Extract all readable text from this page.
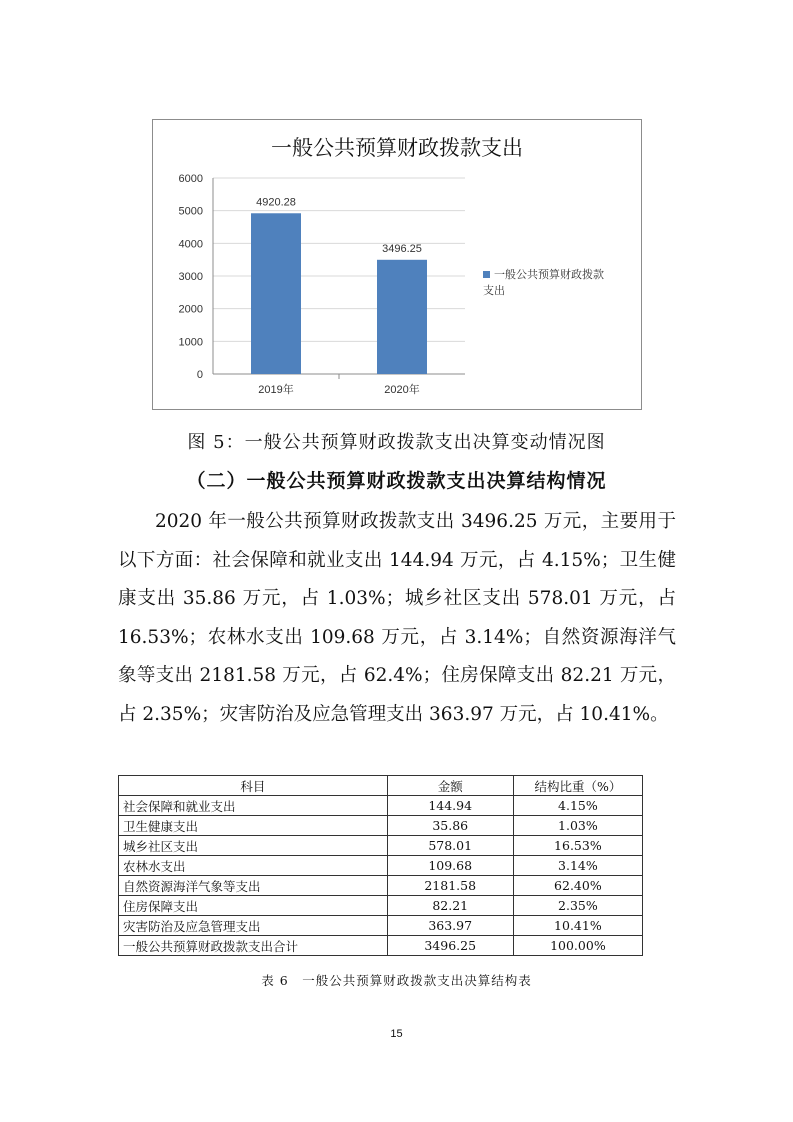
一般公共预算财政拨款支出
0
1000
2000
3000
4000
5000
6000
4920.28
2019年
3496.25
2020年
一般公共预算财政拨款
支出
图 5：一般公共预算财政拨款支出决算变动情况图
（二）一般公共预算财政拨款支出决算结构情况
2020 年一般公共预算财政拨款支出 3496.25 万元，主要用于以下方面：社会保障和就业支出 144.94 万元，占 4.15%；卫生健康支出 35.86 万元，占 1.03%；城乡社区支出 578.01 万元，占 16.53%；农林水支出 109.68 万元，占 3.14%；自然资源海洋气象等支出 2181.58 万元，占 62.4%；住房保障支出 82.21 万元，占 2.35%；灾害防治及应急管理支出 363.97 万元，占 10.41%。
科目	金额	结构比重（%）
社会保障和就业支出	144.94	4.15%
卫生健康支出	35.86	1.03%
城乡社区支出	578.01	16.53%
农林水支出	109.68	3.14%
自然资源海洋气象等支出	2181.58	62.40%
住房保障支出	82.21	2.35%
灾害防治及应急管理支出	363.97	10.41%
一般公共预算财政拨款支出合计	3496.25	100.00%
表 6　一般公共预算财政拨款支出决算结构表
15
